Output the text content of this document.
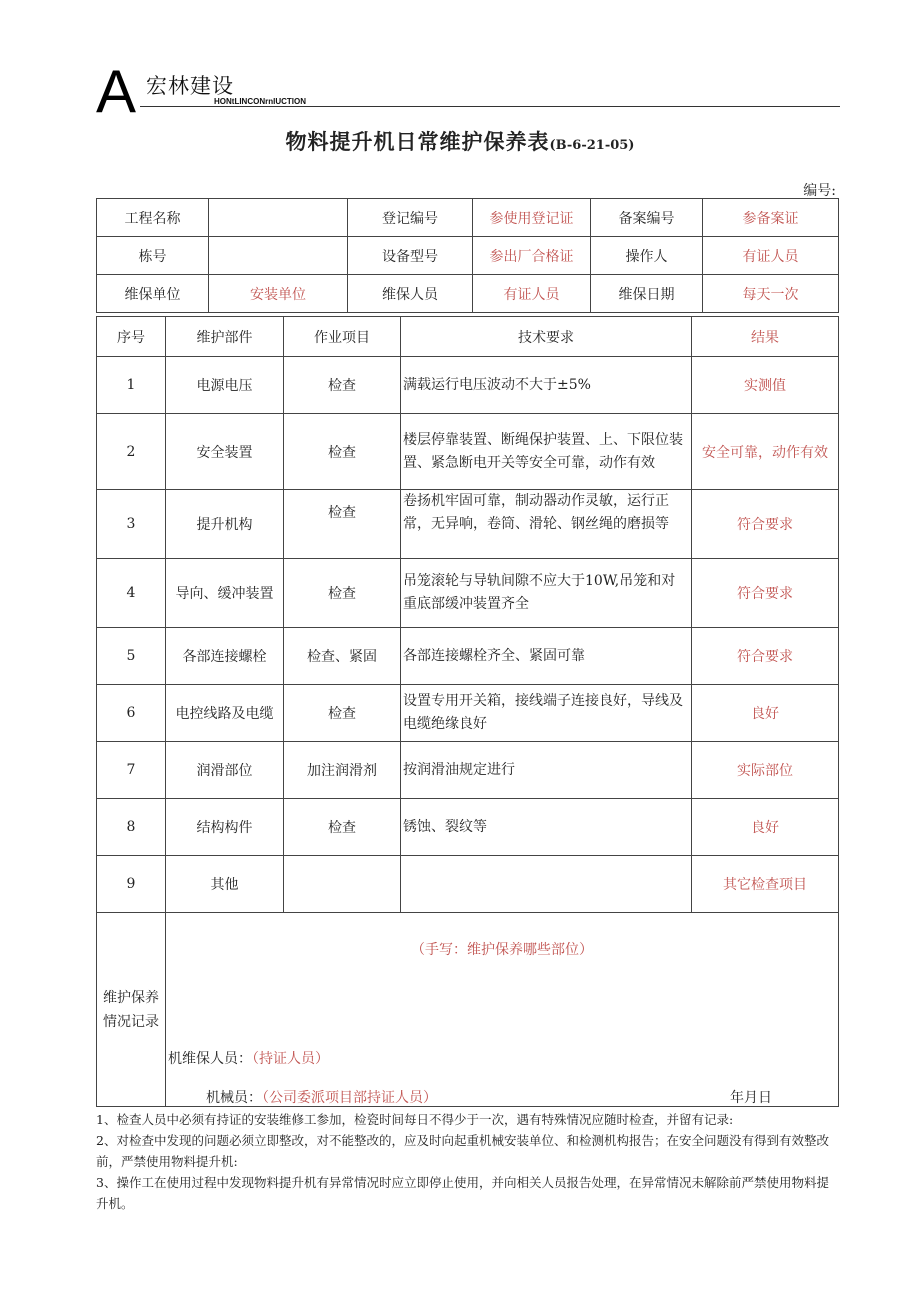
A 宏林建设
HONtLINCONrnIUCTION
物料提升机日常维护保养表(B-6-21-05)
编号:
工程名称		登记编号	参使用登记证	备案编号	参备案证
栋号		设备型号	参出厂合格证	操作人	有证人员
维保单位	安装单位	维保人员	有证人员	维保日期	每天一次
序号	维护部件	作业项目	技术要求	结果
1	电源电压	检查	满载运行电压波动不大于±5%	实测值
2	安全装置	检查	楼层停靠装置、断绳保护装置、上、下限位装置、紧急断电开关等安全可靠，动作有效	安全可靠，动作有效
3	提升机构	检查	卷扬机牢固可靠，制动器动作灵敏，运行正常，无异响，卷筒、滑轮、钢丝绳的磨损等	符合要求
4	导向、缓冲装置	检查	吊笼滚轮与导轨间隙不应大于10W,吊笼和对重底部缓冲装置齐全	符合要求
5	各部连接螺栓	检查、紧固	各部连接螺栓齐全、紧固可靠	符合要求
6	电控线路及电缆	检查	设置专用开关箱，接线端子连接良好，导线及电缆绝缘良好	良好
7	润滑部位	加注润滑剂	按润滑油规定进行	实际部位
8	结构构件	检查	锈蚀、裂纹等	良好
9	其他			其它检查项目
维护保养情况记录	（手写：维护保养哪些部位）
机维保人员：（持证人员）
机械员：（公司委派项目部持证人员） 年月日			

1、检查人员中必须有持证的安装维修工参加，检瓷时间每日不得少于一次，遇有特殊情况应随时检查，并留有记录:

2、对检查中发现的问题必须立即整改，对不能整改的，应及时向起重机械安装单位、和检测机构报告；在安全问题没有得到有效整改前，严禁使用物料提升机:

3、操作工在使用过程中发现物料提升机有异常情况时应立即停止使用，并向相关人员报告处理，在异常情况未解除前严禁使用物料提升机。
